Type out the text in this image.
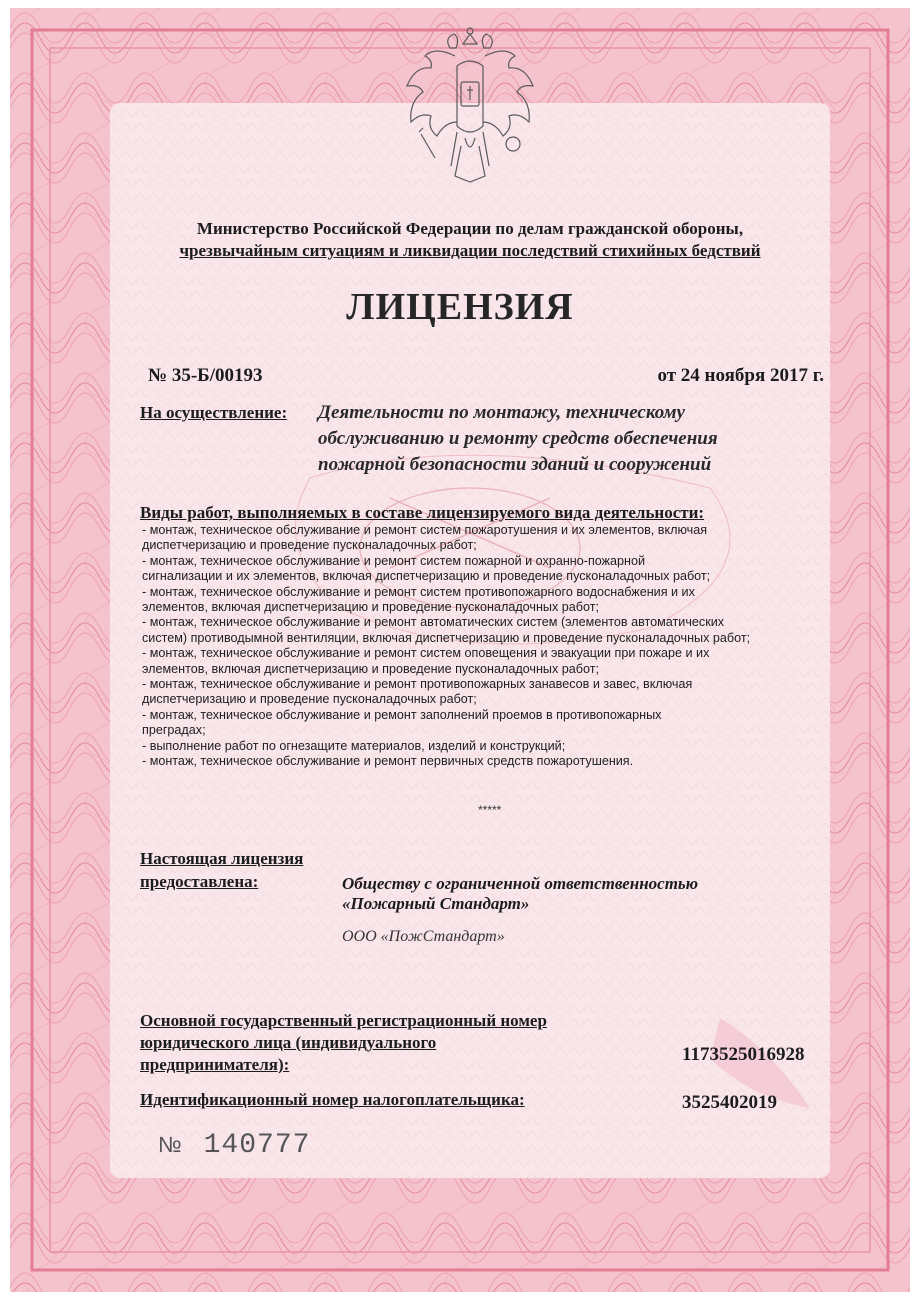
Министерство Российской Федерации по делам гражданской обороны,
чрезвычайным ситуациям и ликвидации последствий стихийных бедствий
ЛИЦЕНЗИЯ
№ 35-Б/00193	от 24 ноября 2017 г.
На осуществление: Деятельности по монтажу, техническому обслуживанию и ремонту средств обеспечения пожарной безопасности зданий и сооружений
Виды работ, выполняемых в составе лицензируемого вида деятельности:
- монтаж, техническое обслуживание и ремонт систем пожаротушения и их элементов, включая
диспетчеризацию и проведение пусконаладочных работ;
- монтаж, техническое обслуживание и ремонт систем пожарной и охранно-пожарной
сигнализации и их элементов, включая диспетчеризацию и проведение пусконаладочных работ;
- монтаж, техническое обслуживание и ремонт систем противопожарного водоснабжения и их
элементов, включая диспетчеризацию и проведение пусконаладочных работ;
- монтаж, техническое обслуживание и ремонт автоматических систем (элементов автоматических
систем) противодымной вентиляции, включая диспетчеризацию и проведение пусконаладочных работ;
- монтаж, техническое обслуживание и ремонт систем оповещения и эвакуации при пожаре и их
элементов, включая диспетчеризацию и проведение пусконаладочных работ;
- монтаж, техническое обслуживание и ремонт противопожарных занавесов и завес, включая
диспетчеризацию и проведение пусконаладочных работ;
- монтаж, техническое обслуживание и ремонт заполнений проемов в противопожарных
преградах;
- выполнение работ по огнезащите материалов, изделий и конструкций;
- монтаж, техническое обслуживание и ремонт первичных средств пожаротушения.
*****
Настоящая лицензия
предоставлена:	Обществу с ограниченной ответственностью
«Пожарный Стандарт»
ООО «ПожСтандарт»
Основной государственный регистрационный номер
юридического лица (индивидуального
предпринимателя):	1173525016928
Идентификационный номер налогоплательщика:	3525402019
№ 140777
